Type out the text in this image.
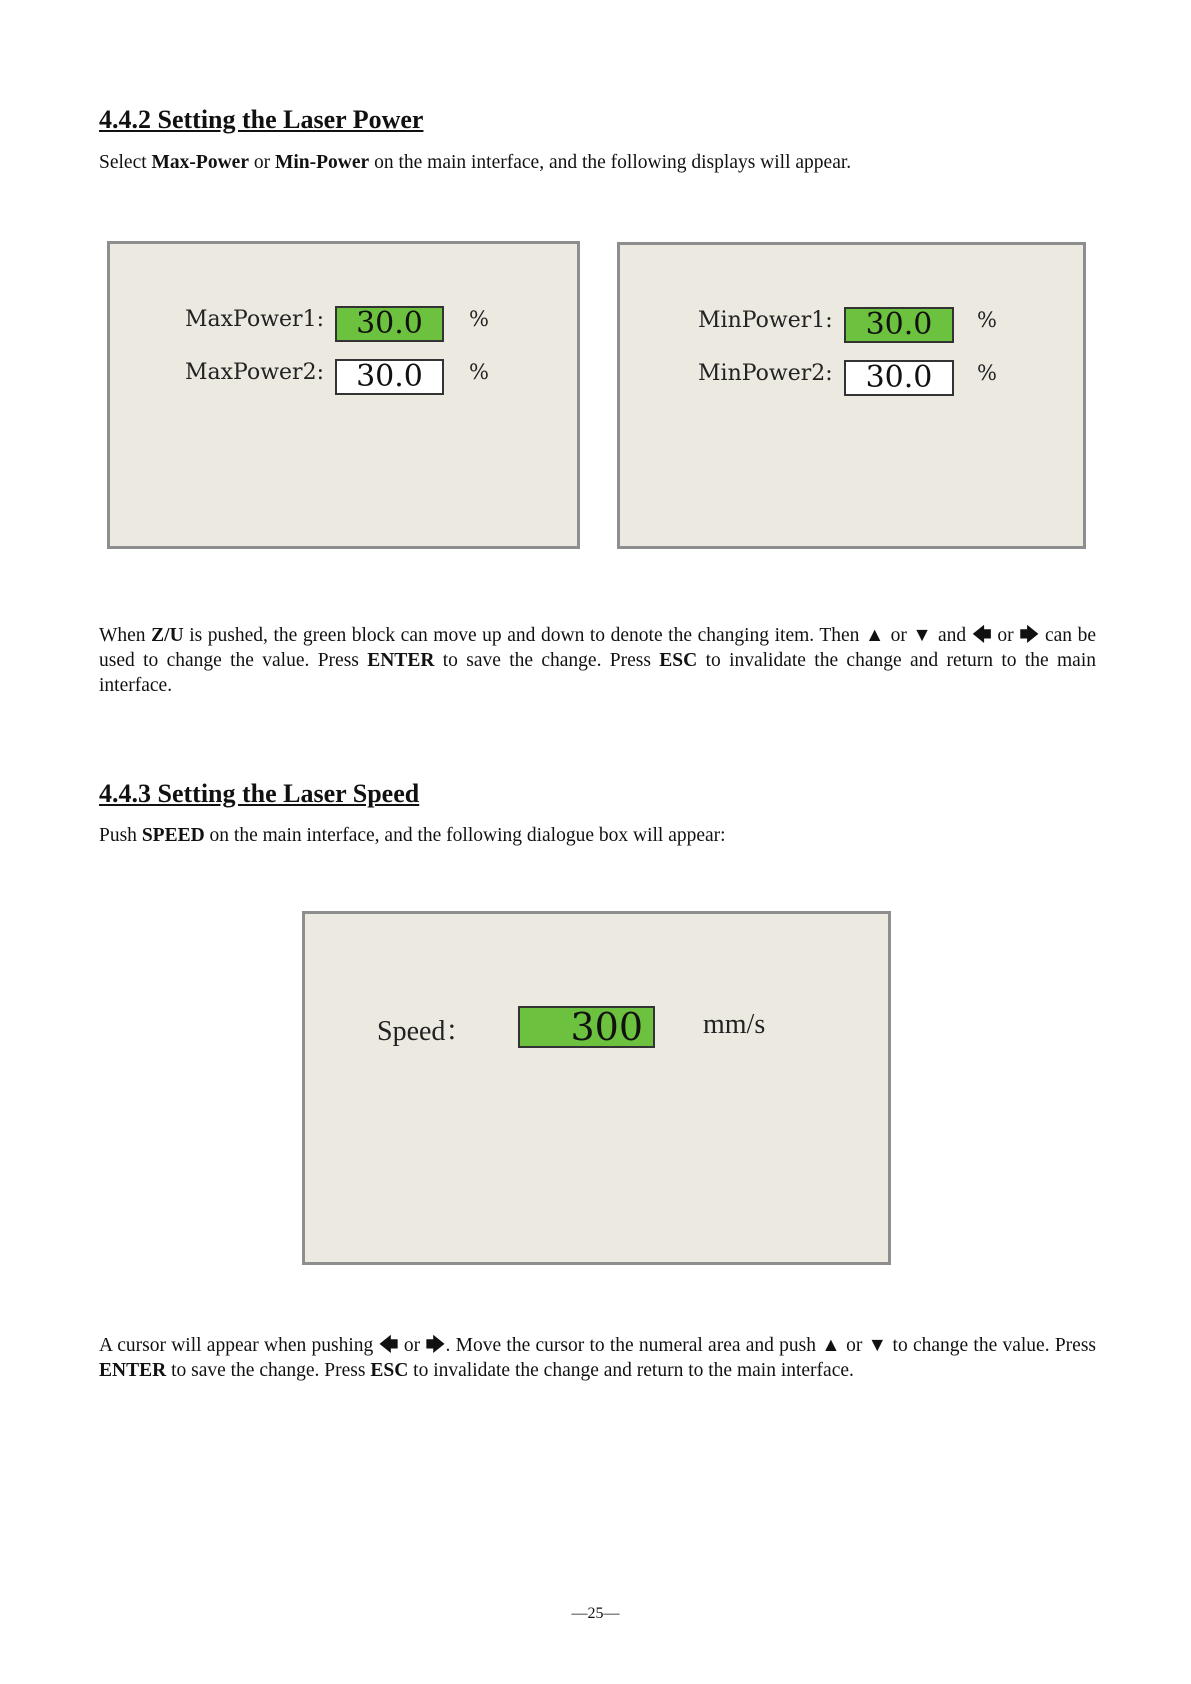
4.4.2 Setting the Laser Power

Select Max-Power or Min-Power on the main interface, and the following displays will appear.

MaxPower1:	30.0	%
MaxPower2:	30.0	%
MinPower1:	30.0	%
MinPower2:	30.0	%

When Z/U is pushed, the green block can move up and down to denote the changing item. Then ▲ or ▼ and 🡄 or 🡆 can be used to change the value. Press ENTER to save the change. Press ESC to invalidate the change and return to the main interface.

4.4.3 Setting the Laser Speed

Push SPEED on the main interface, and the following dialogue box will appear:

Speed：	300	mm/s

A cursor will appear when pushing 🡄 or 🡆. Move the cursor to the numeral area and push ▲ or ▼ to change the value. Press ENTER to save the change. Press ESC to invalidate the change and return to the main interface.

—25—
